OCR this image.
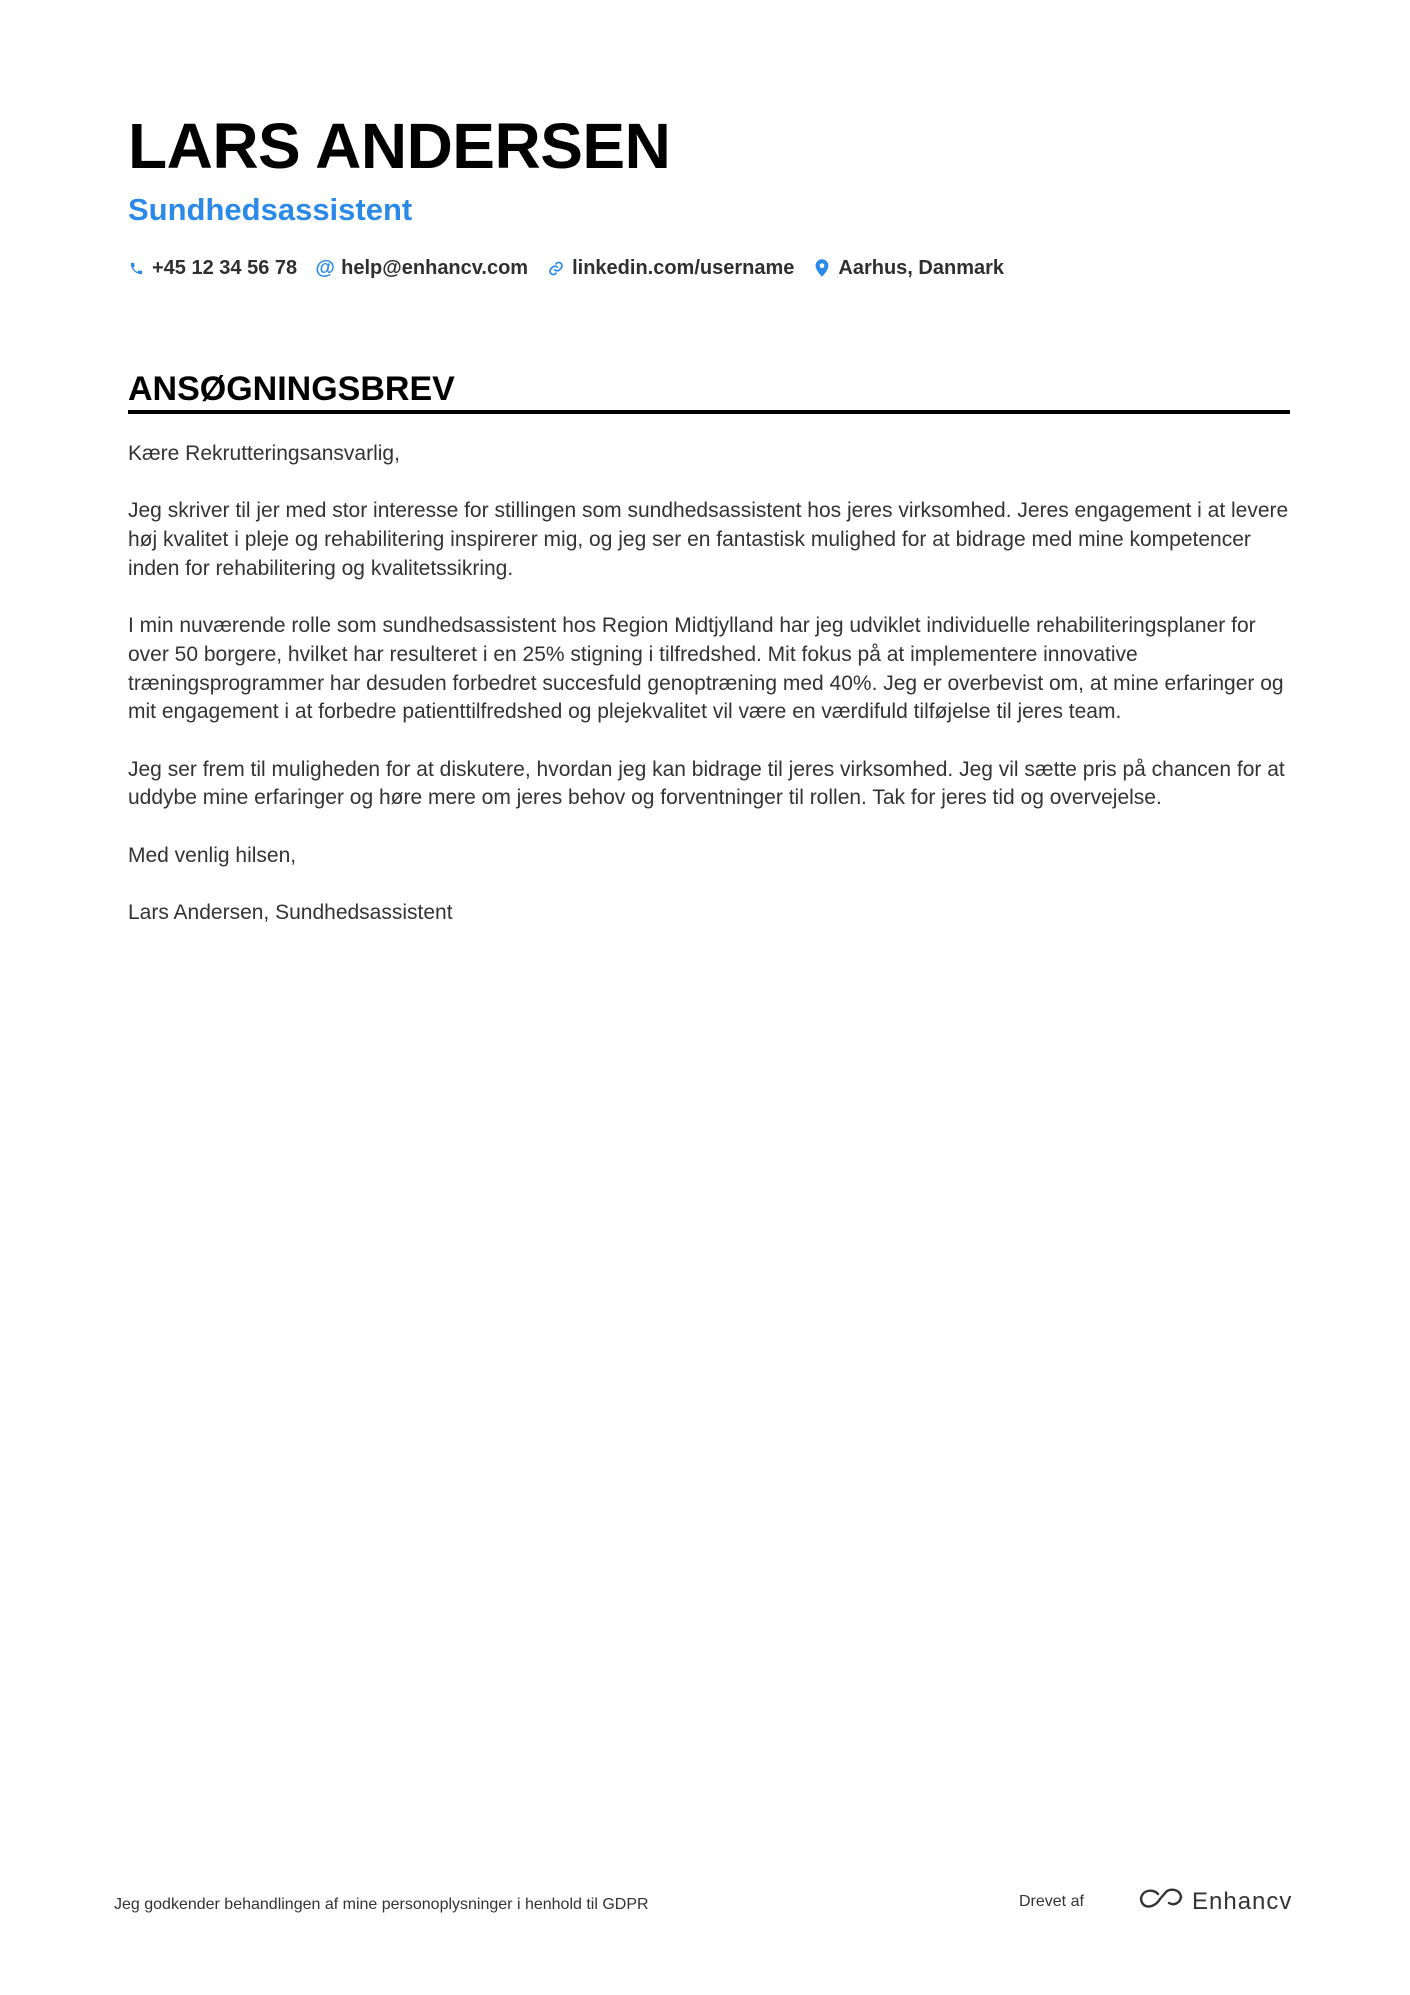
LARS ANDERSEN
Sundhedsassistent
+45 12 34 56 78 @ help@enhancv.com linkedin.com/username Aarhus, Danmark
ANSØGNINGSBREV

Kære Rekrutteringsansvarlig,

Jeg skriver til jer med stor interesse for stillingen som sundhedsassistent hos jeres virksomhed. Jeres engagement i at levere høj kvalitet i pleje og rehabilitering inspirerer mig, og jeg ser en fantastisk mulighed for at bidrage med mine kompetencer inden for rehabilitering og kvalitetssikring.

I min nuværende rolle som sundhedsassistent hos Region Midtjylland har jeg udviklet individuelle rehabiliteringsplaner for over 50 borgere, hvilket har resulteret i en 25% stigning i tilfredshed. Mit fokus på at implementere innovative træningsprogrammer har desuden forbedret succesfuld genoptræning med 40%. Jeg er overbevist om, at mine erfaringer og mit engagement i at forbedre patienttilfredshed og plejekvalitet vil være en værdifuld tilføjelse til jeres team.

Jeg ser frem til muligheden for at diskutere, hvordan jeg kan bidrage til jeres virksomhed. Jeg vil sætte pris på chancen for at uddybe mine erfaringer og høre mere om jeres behov og forventninger til rollen. Tak for jeres tid og overvejelse.

Med venlig hilsen,

Lars Andersen, Sundhedsassistent

Jeg godkender behandlingen af mine personoplysninger i henhold til GDPR	Drevet af	Enhancv
